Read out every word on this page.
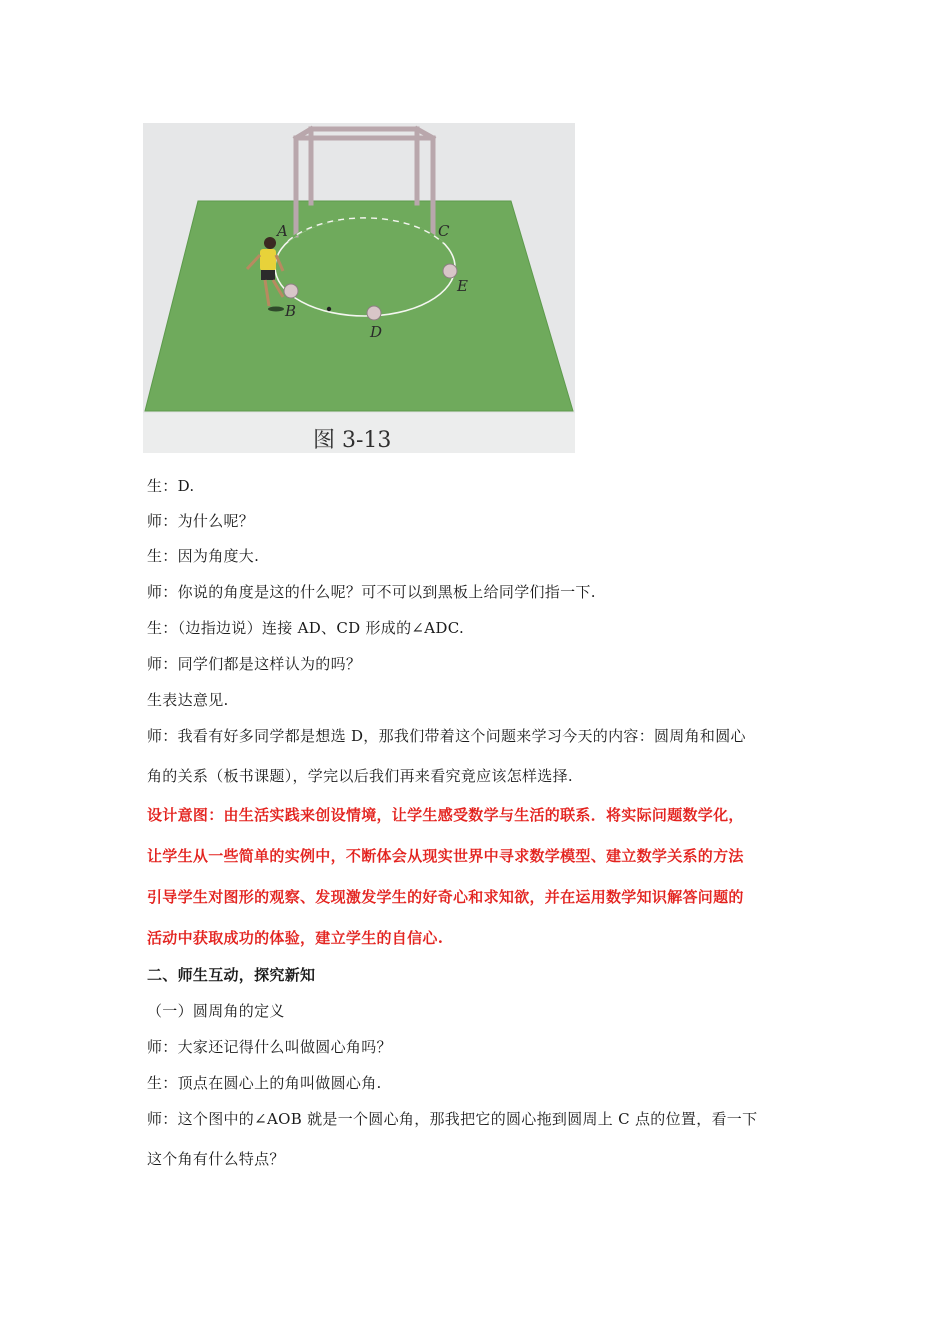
A	C
E
B
D
图 3-13
生：D.
师：为什么呢？
生：因为角度大.
师：你说的角度是这的什么呢？可不可以到黑板上给同学们指一下.
生：（边指边说）连接 AD、CD 形成的∠ADC.
师：同学们都是这样认为的吗？
生表达意见.
师：我看有好多同学都是想选 D，那我们带着这个问题来学习今天的内容：圆周角和圆心
角的关系（板书课题），学完以后我们再来看究竟应该怎样选择.
设计意图：由生活实践来创设情境，让学生感受数学与生活的联系．将实际问题数学化，
让学生从一些简单的实例中，不断体会从现实世界中寻求数学模型、建立数学关系的方法
引导学生对图形的观察、发现激发学生的好奇心和求知欲，并在运用数学知识解答问题的
活动中获取成功的体验，建立学生的自信心.
二、师生互动，探究新知
（一）圆周角的定义
师：大家还记得什么叫做圆心角吗？
生：顶点在圆心上的角叫做圆心角.
师：这个图中的∠AOB 就是一个圆心角，那我把它的圆心拖到圆周上 C 点的位置，看一下
这个角有什么特点？
